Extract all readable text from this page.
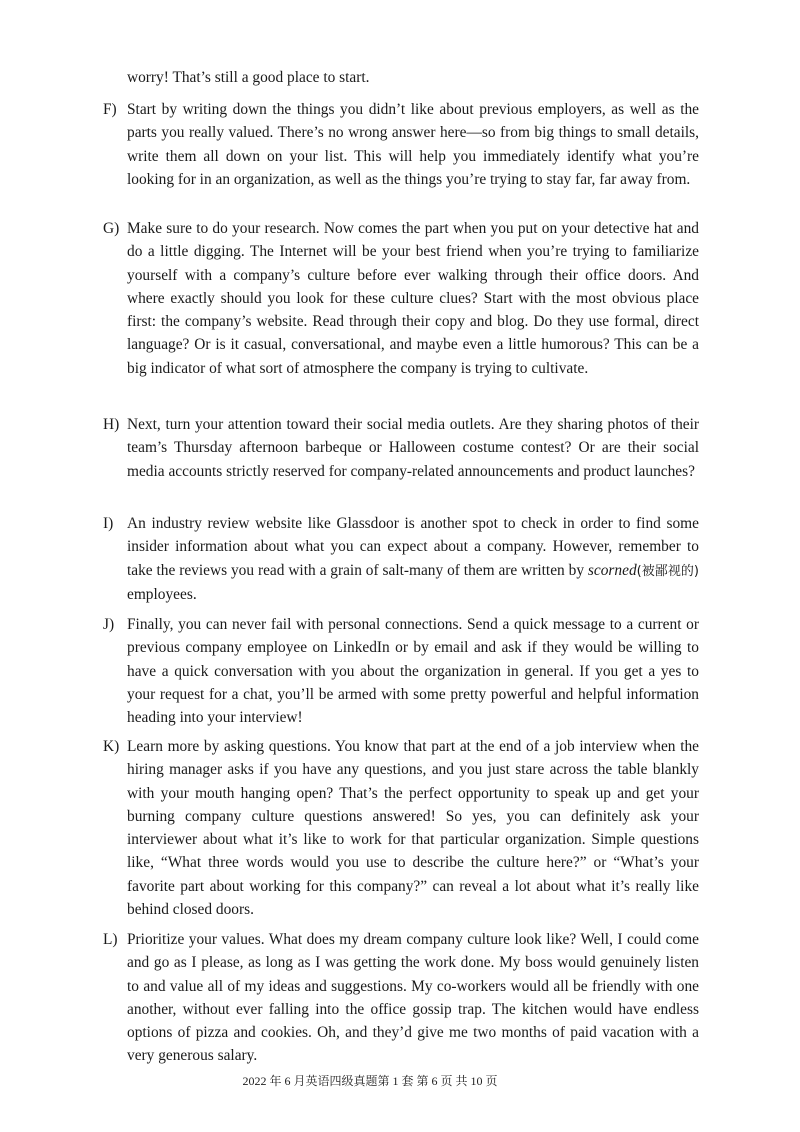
worry! That’s still a good place to start.
F) Start by writing down the things you didn’t like about previous employers, as well as the parts you really valued. There’s no wrong answer here—so from big things to small details, write them all down on your list. This will help you immediately identify what you’re looking for in an organization, as well as the things you’re trying to stay far, far away from.
G) Make sure to do your research. Now comes the part when you put on your detective hat and do a little digging. The Internet will be your best friend when you’re trying to familiarize yourself with a company’s culture before ever walking through their office doors. And where exactly should you look for these culture clues? Start with the most obvious place first: the company’s website. Read through their copy and blog. Do they use formal, direct language? Or is it casual, conversational, and maybe even a little humorous? This can be a big indicator of what sort of atmosphere the company is trying to cultivate.
H) Next, turn your attention toward their social media outlets. Are they sharing photos of their team’s Thursday afternoon barbeque or Halloween costume contest? Or are their social media accounts strictly reserved for company-related announcements and product launches?
I) An industry review website like Glassdoor is another spot to check in order to find some insider information about what you can expect about a company. However, remember to take the reviews you read with a grain of salt-many of them are written by scorned(被鄙视的) employees.
J) Finally, you can never fail with personal connections. Send a quick message to a current or previous company employee on LinkedIn or by email and ask if they would be willing to have a quick conversation with you about the organization in general. If you get a yes to your request for a chat, you’ll be armed with some pretty powerful and helpful information heading into your interview!
K) Learn more by asking questions. You know that part at the end of a job interview when the hiring manager asks if you have any questions, and you just stare across the table blankly with your mouth hanging open? That’s the perfect opportunity to speak up and get your burning company culture questions answered! So yes, you can definitely ask your interviewer about what it’s like to work for that particular organization. Simple questions like, “What three words would you use to describe the culture here?” or “What’s your favorite part about working for this company?” can reveal a lot about what it’s really like behind closed doors.
L) Prioritize your values. What does my dream company culture look like? Well, I could come and go as I please, as long as I was getting the work done. My boss would genuinely listen to and value all of my ideas and suggestions. My co-workers would all be friendly with one another, without ever falling into the office gossip trap. The kitchen would have endless options of pizza and cookies. Oh, and they’d give me two months of paid vacation with a very generous salary.
2022 年 6 月英语四级真题第 1 套 第 6 页 共 10 页
